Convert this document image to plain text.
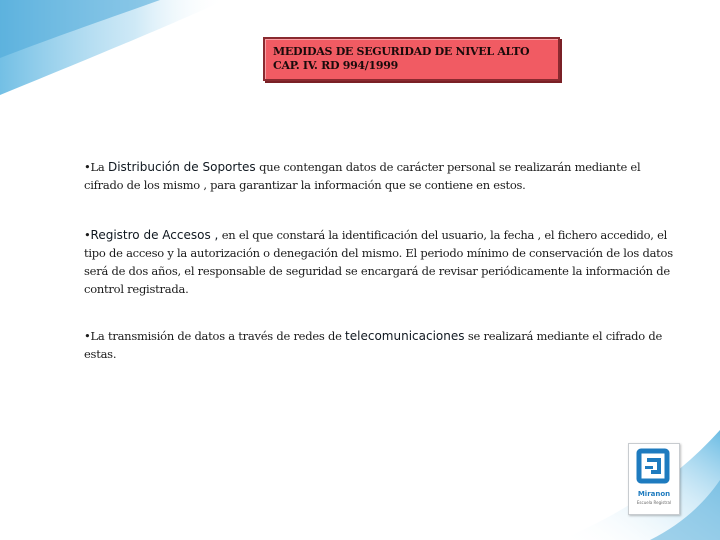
MEDIDAS DE SEGURIDAD DE NIVEL ALTO
CAP. IV. RD 994/1999
•La Distribución de Soportes que contengan datos de carácter personal se realizarán mediante el cifrado de los mismo , para garantizar la información que se contiene en estos.
•Registro de Accesos , en el que constará la identificación del usuario, la fecha , el fichero accedido, el tipo de acceso y la autorización o denegación del mismo. El periodo mínimo de conservación de los datos será de dos años, el responsable de seguridad se encargará de revisar periódicamente la información de control registrada.
•La transmisión de datos a través de redes de telecomunicaciones se realizará mediante el cifrado de estas.
Miranon
Escuela Registral
